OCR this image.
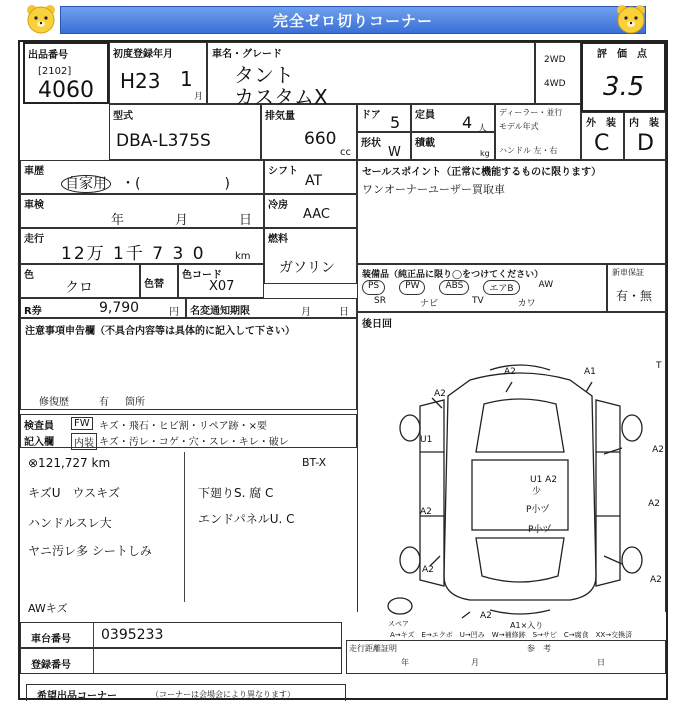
完全ゼロ切りコーナー
出品番号
[2102]
4060
初度登録年月
H23 1
月
車名・グレード
タント
カスタムX
2WD
4WD
評　価　点
3.5
型式
DBA-L375S
排気量
660
cc
ドア 5 定員 4 人
ディーラー・並行
モデル年式
ハンドル 左・右
形状
W
積載
kg
外　装
C
内　装
D
車歴
自家用 ・(　　　　　　)
シフト
AT
車検
年	月	日
冷房
AAC
走行
12万 1千 7 3 0	km
燃料
ガソリン
色
クロ	色替
色コード
X07
R券	9,790	円 名変通知期限	月	日
セールスポイント（正常に機能するものに限ります）
ワンオーナーユーザー買取車
装備品（純正品に限り◯をつけてください）
PS	PW	ABS	エアB	AW
SR	ナビ	TV	カワ
新車保証
有・無
後日回
注意事項申告欄（不具合内容等は具体的に記入して下さい）
修復歴	有 箇所
検査員
記入欄
FW キズ・飛石・ヒビ割・リペア跡・×要
内装 キズ・汚レ・コゲ・穴・スレ・キレ・破レ
⊗121,727 km	BT-X
キズU　ウスキズ	下廻りS. 腐 C
ハンドルスレ大	エンドパネルU. C
ヤニ汚レ多 シートしみ
AWキズ
A2	A1
A2
U1
A2
A2
A2
A2
A2
A2
U1 A2
少
P小ヅ
P小ヅ
スペア	A1×入り
T
A→キズ　E→エクボ　U→凹み　W→補修跡　S→サビ　C→腐食　XX→交換済
車台番号 0395233
登録番号
走行距離証明	参　考
年	月	日
希望出品コーナー	（コーナーは会場会により異なります）
